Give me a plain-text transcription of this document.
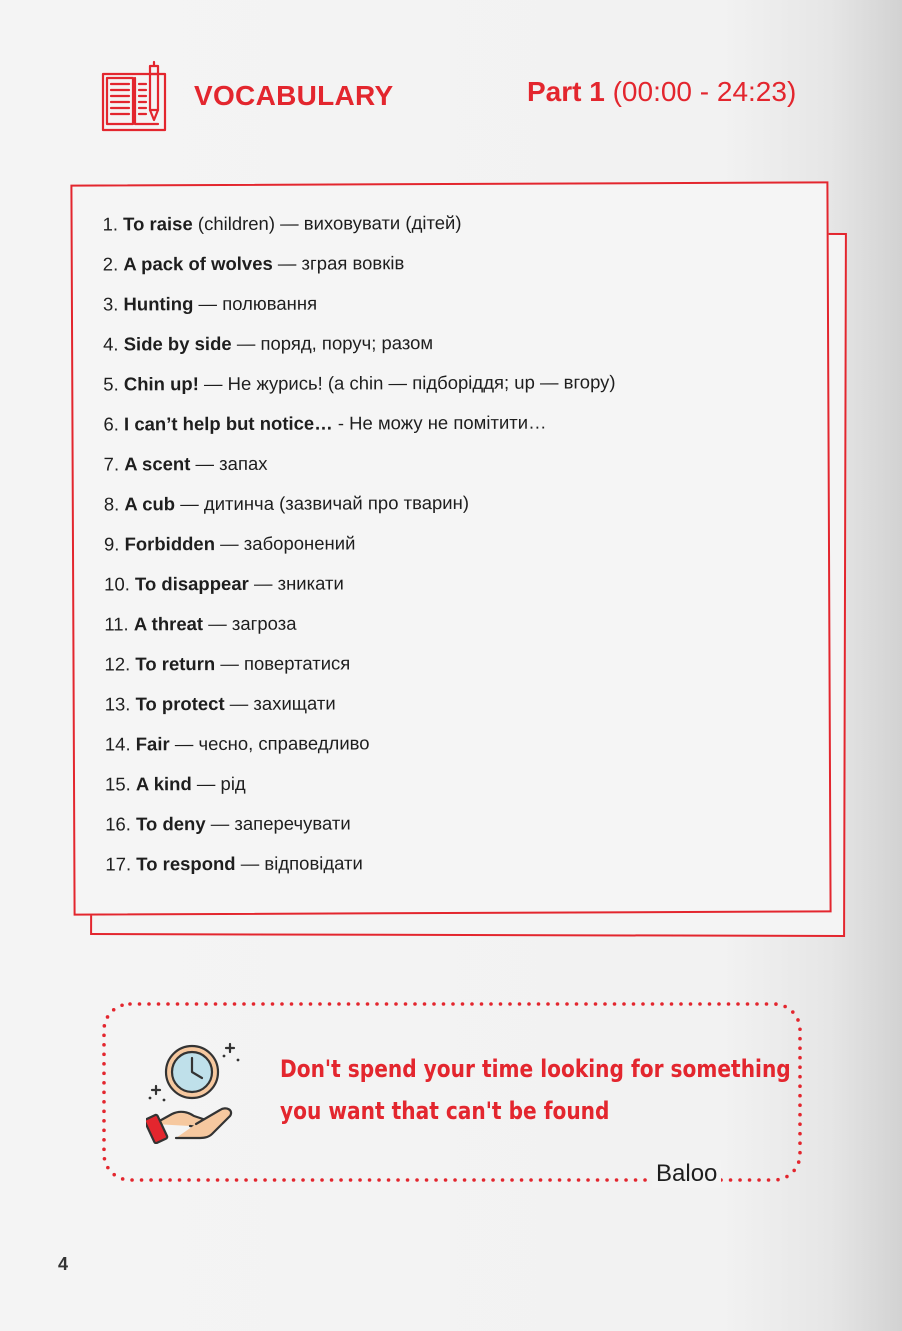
VOCABULARY	Part 1 (00:00 - 24:23)
1. To raise (children) — виховувати (дітей)
2. A pack of wolves — зграя вовків
3. Hunting — полювання
4. Side by side — поряд, поруч; разом
5. Chin up! — Не журись! (a chin — підборіддя; up — вгору)
6. I can’t help but notice… - Не можу не помітити…
7. A scent — запах
8. A cub — дитинча (зазвичай про тварин)
9. Forbidden — заборонений
10. To disappear — зникати
11. A threat — загроза
12. To return — повертатися
13. To protect — захищати
14. Fair — чесно, справедливо
15. A kind — рід
16. To deny — заперечувати
17. To respond — відповідати
Don't spend your time looking for something
you want that can't be found
Baloo
4
